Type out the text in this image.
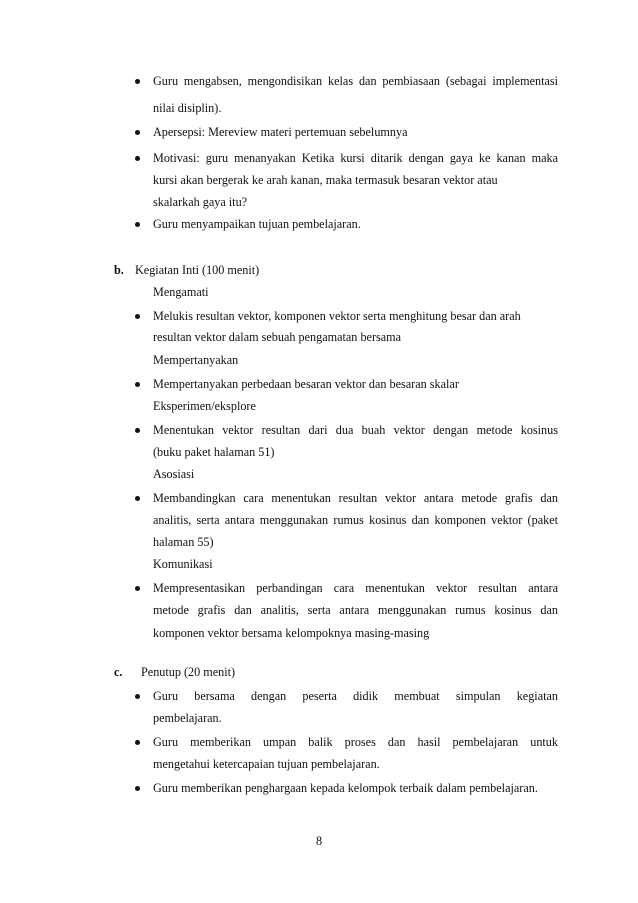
Guru mengabsen, mengondisikan kelas dan pembiasaan (sebagai implementasi
nilai disiplin).
Apersepsi: Mereview materi pertemuan sebelumnya
Motivasi: guru menanyakan Ketika kursi ditarik dengan gaya ke kanan maka
kursi akan bergerak ke arah kanan, maka termasuk besaran vektor atau
skalarkah gaya itu?
Guru menyampaikan tujuan pembelajaran.
b. Kegiatan Inti (100 menit)
Mengamati
Melukis resultan vektor, komponen vektor serta menghitung besar dan arah
resultan vektor dalam sebuah pengamatan bersama
Mempertanyakan
Mempertanyakan perbedaan besaran vektor dan besaran skalar
Eksperimen/eksplore
Menentukan vektor resultan dari dua buah vektor dengan metode kosinus
(buku paket halaman 51)
Asosiasi
Membandingkan cara menentukan resultan vektor antara metode grafis dan
analitis, serta antara menggunakan rumus kosinus dan komponen vektor (paket
halaman 55)
Komunikasi
Mempresentasikan perbandingan cara menentukan vektor resultan antara
metode grafis dan analitis, serta antara menggunakan rumus kosinus dan
komponen vektor bersama kelompoknya masing-masing
c. Penutup (20 menit)
Guru bersama dengan peserta didik membuat simpulan kegiatan
pembelajaran.
Guru memberikan umpan balik proses dan hasil pembelajaran untuk
mengetahui ketercapaian tujuan pembelajaran.
Guru memberikan penghargaan kepada kelompok terbaik dalam pembelajaran.
8
